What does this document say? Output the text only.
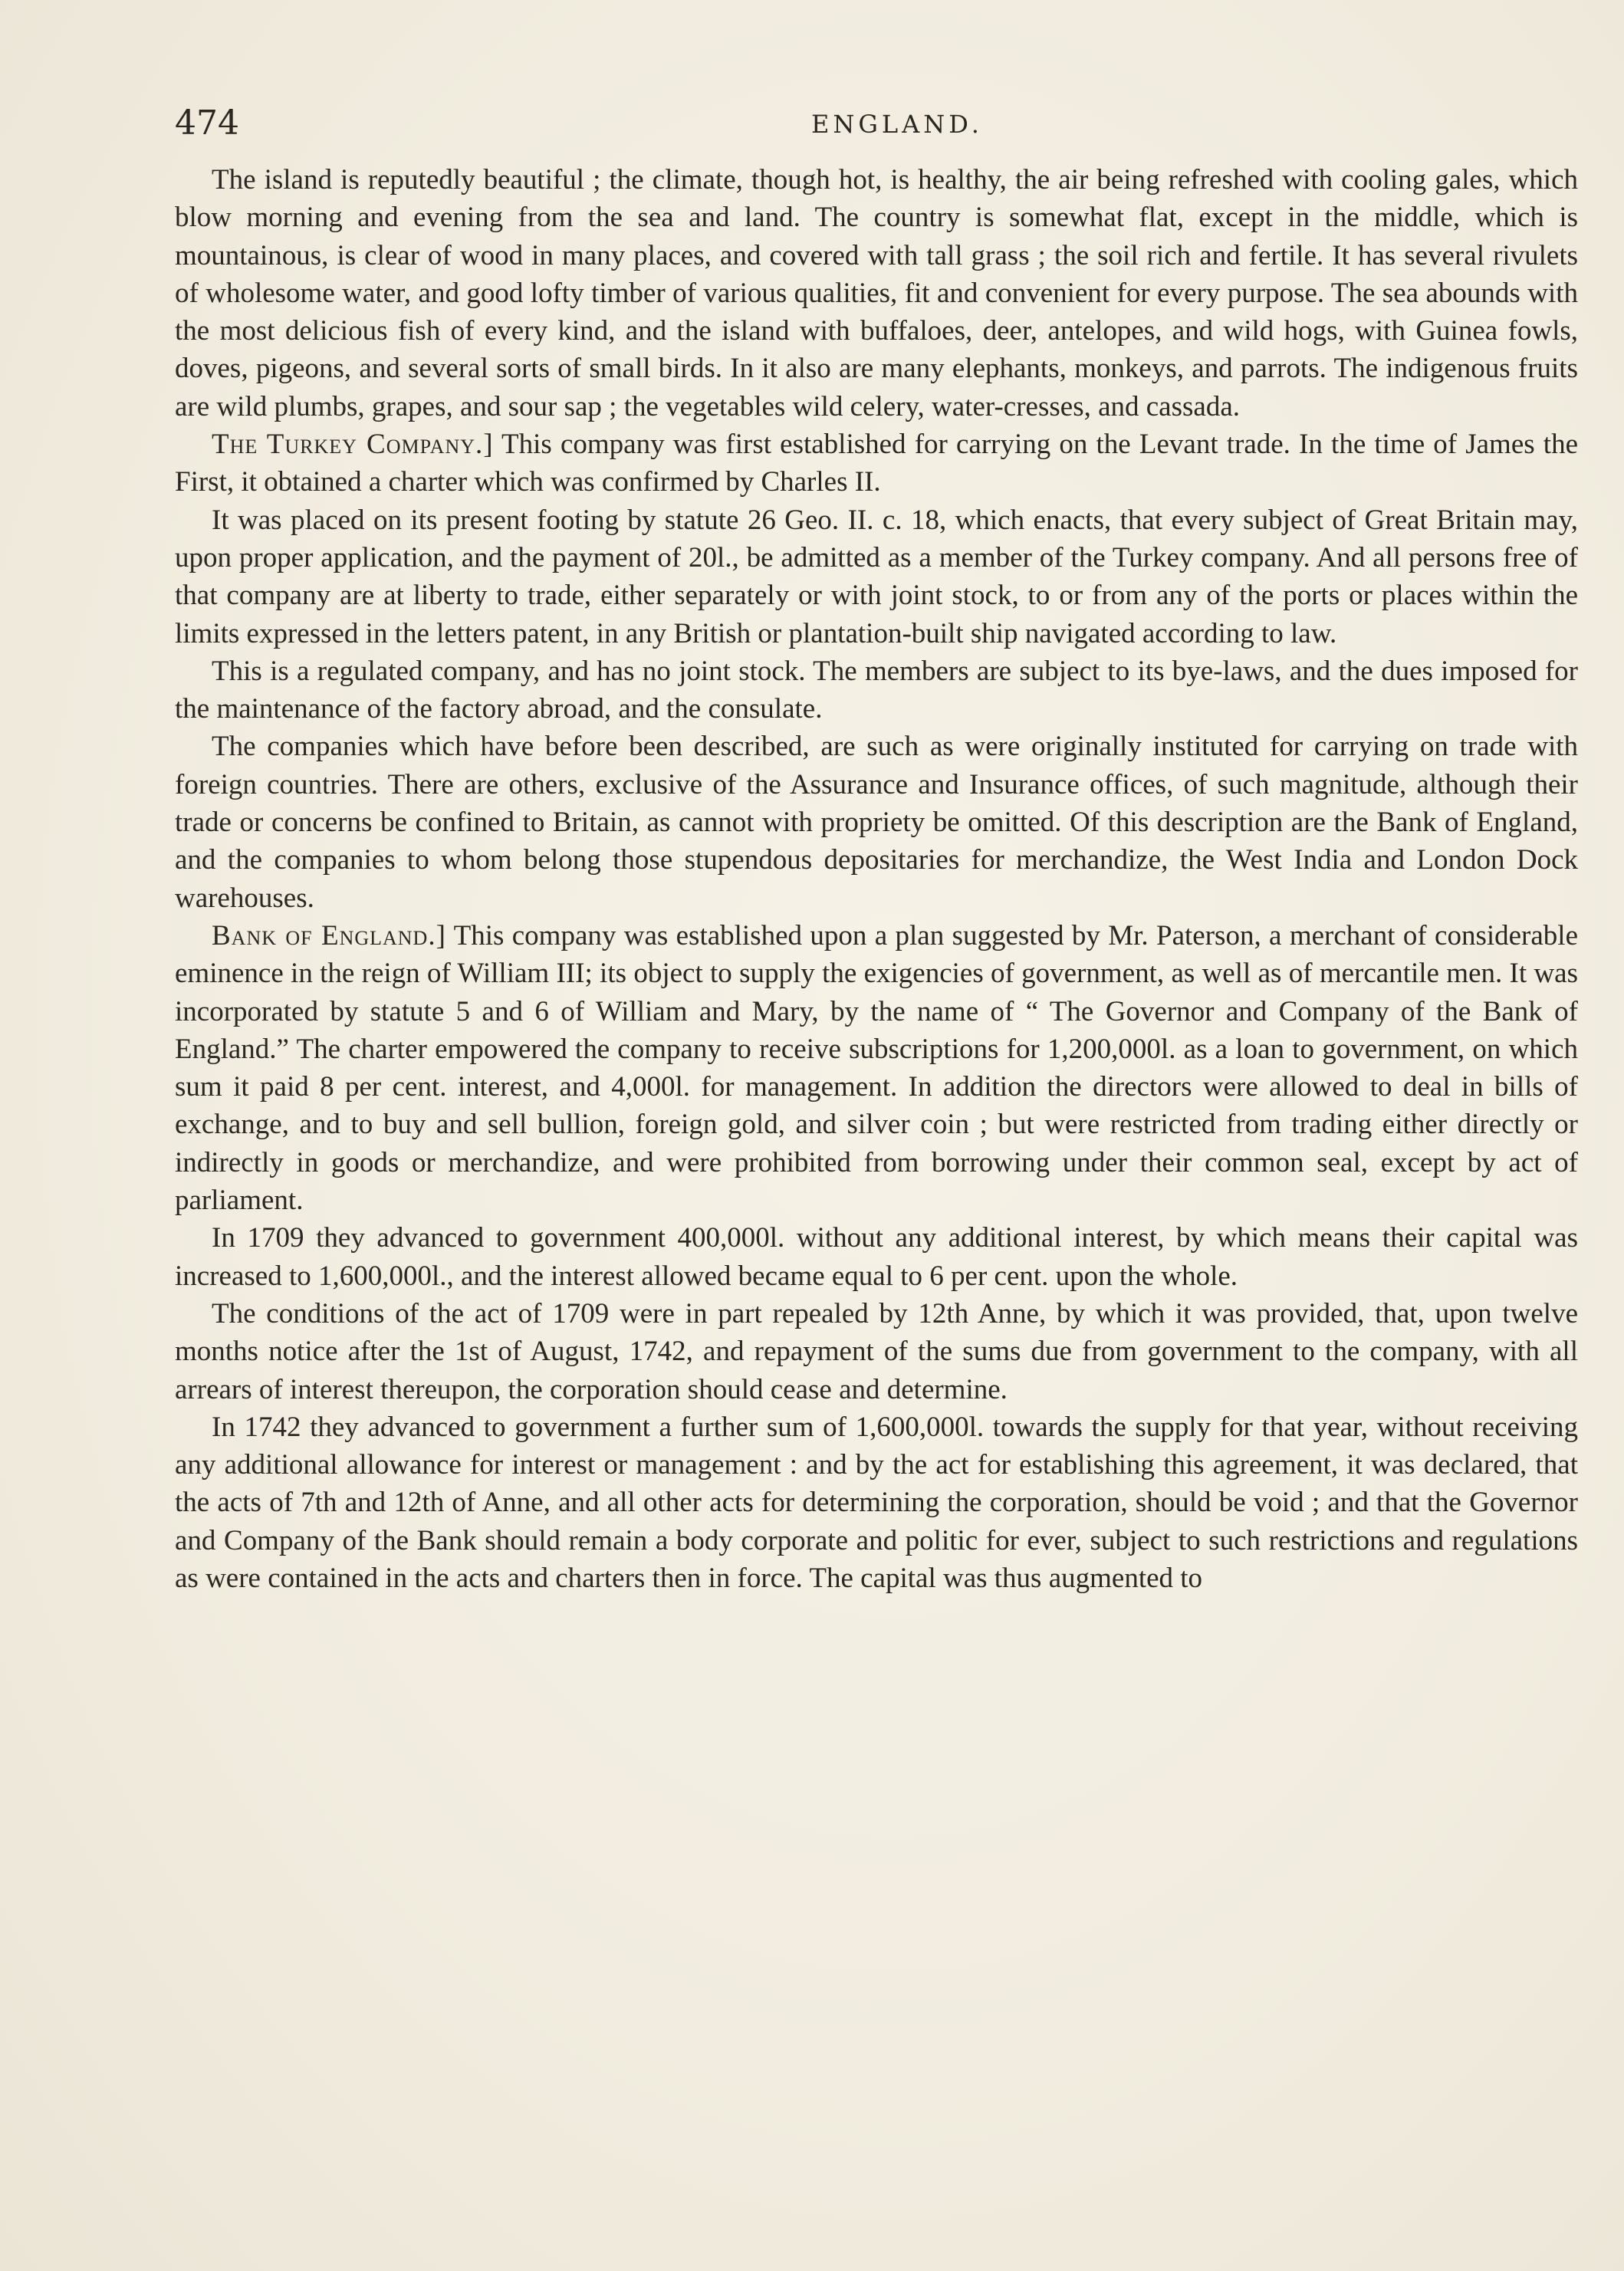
474	ENGLAND.

The island is reputedly beautiful ; the climate, though hot, is healthy, the air being refreshed with cooling gales, which blow morning and evening from the sea and land. The country is somewhat flat, except in the middle, which is mountainous, is clear of wood in many places, and covered with tall grass ; the soil rich and fertile. It has several rivulets of wholesome water, and good lofty timber of various qualities, fit and convenient for every purpose. The sea abounds with the most delicious fish of every kind, and the island with buffaloes, deer, antelopes, and wild hogs, with Guinea fowls, doves, pigeons, and several sorts of small birds. In it also are many elephants, monkeys, and parrots. The indigenous fruits are wild plumbs, grapes, and sour sap ; the vegetables wild celery, water-cresses, and cassada.

The Turkey Company.] This company was first established for carrying on the Levant trade. In the time of James the First, it obtained a charter which was confirmed by Charles II.

It was placed on its present footing by statute 26 Geo. II. c. 18, which enacts, that every subject of Great Britain may, upon proper application, and the payment of 20l., be admitted as a member of the Turkey company. And all persons free of that company are at liberty to trade, either separately or with joint stock, to or from any of the ports or places within the limits expressed in the letters patent, in any British or plantation-built ship navigated according to law.

This is a regulated company, and has no joint stock. The members are subject to its bye-laws, and the dues imposed for the maintenance of the factory abroad, and the consulate.

The companies which have before been described, are such as were originally instituted for carrying on trade with foreign countries. There are others, exclusive of the Assurance and Insurance offices, of such magnitude, although their trade or concerns be confined to Britain, as cannot with propriety be omitted. Of this description are the Bank of England, and the companies to whom belong those stupendous depositaries for merchandize, the West India and London Dock warehouses.

Bank of England.] This company was established upon a plan suggested by Mr. Paterson, a merchant of considerable eminence in the reign of William III; its object to supply the exigencies of government, as well as of mercantile men. It was incorporated by statute 5 and 6 of William and Mary, by the name of “ The Governor and Company of the Bank of England.” The charter empowered the company to receive subscriptions for 1,200,000l. as a loan to government, on which sum it paid 8 per cent. interest, and 4,000l. for management. In addition the directors were allowed to deal in bills of exchange, and to buy and sell bullion, foreign gold, and silver coin ; but were restricted from trading either directly or indirectly in goods or merchandize, and were prohibited from borrowing under their common seal, except by act of parliament.

In 1709 they advanced to government 400,000l. without any additional interest, by which means their capital was increased to 1,600,000l., and the interest allowed became equal to 6 per cent. upon the whole.

The conditions of the act of 1709 were in part repealed by 12th Anne, by which it was provided, that, upon twelve months notice after the 1st of August, 1742, and repayment of the sums due from government to the company, with all arrears of interest thereupon, the corporation should cease and determine.

In 1742 they advanced to government a further sum of 1,600,000l. towards the supply for that year, without receiving any additional allowance for interest or management : and by the act for establishing this agreement, it was declared, that the acts of 7th and 12th of Anne, and all other acts for determining the corporation, should be void ; and that the Governor and Company of the Bank should remain a body corporate and politic for ever, subject to such restrictions and regulations as were contained in the acts and charters then in force. The capital was thus augmented to
